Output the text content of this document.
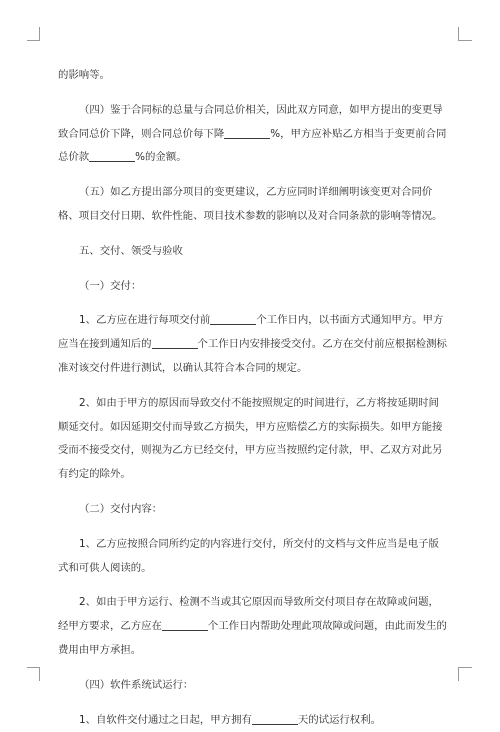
的影响等。

（四）鉴于合同标的总量与合同总价相关，因此双方同意，如甲方提出的变更导致合同总价下降，则合同总价每下降	%，甲方应补贴乙方相当于变更前合同总价款	%的金额。

（五）如乙方提出部分项目的变更建议，乙方应同时详细阐明该变更对合同价格、项目交付日期、软件性能、项目技术参数的影响以及对合同条款的影响等情况。

五、交付、领受与验收

（一）交付：

1、乙方应在进行每项交付前	个工作日内，以书面方式通知甲方。甲方应当在接到通知后的	个工作日内安排接受交付。乙方在交付前应根据检测标准对该交付件进行测试，以确认其符合本合同的规定。

2、如由于甲方的原因而导致交付不能按照规定的时间进行，乙方将按延期时间顺延交付。如因延期交付而导致乙方损失，甲方应赔偿乙方的实际损失。如甲方能接受而不接受交付，则视为乙方已经交付，甲方应当按照约定付款，甲、乙双方对此另有约定的除外。

（二）交付内容：

1、乙方应按照合同所约定的内容进行交付，所交付的文档与文件应当是电子版式和可供人阅读的。

2、如由于甲方运行、检测不当或其它原因而导致所交付项目存在故障或问题，经甲方要求，乙方应在	个工作日内帮助处理此项故障或问题，由此而发生的费用由甲方承担。

（四）软件系统试运行：

1、自软件交付通过之日起，甲方拥有	天的试运行权利。
